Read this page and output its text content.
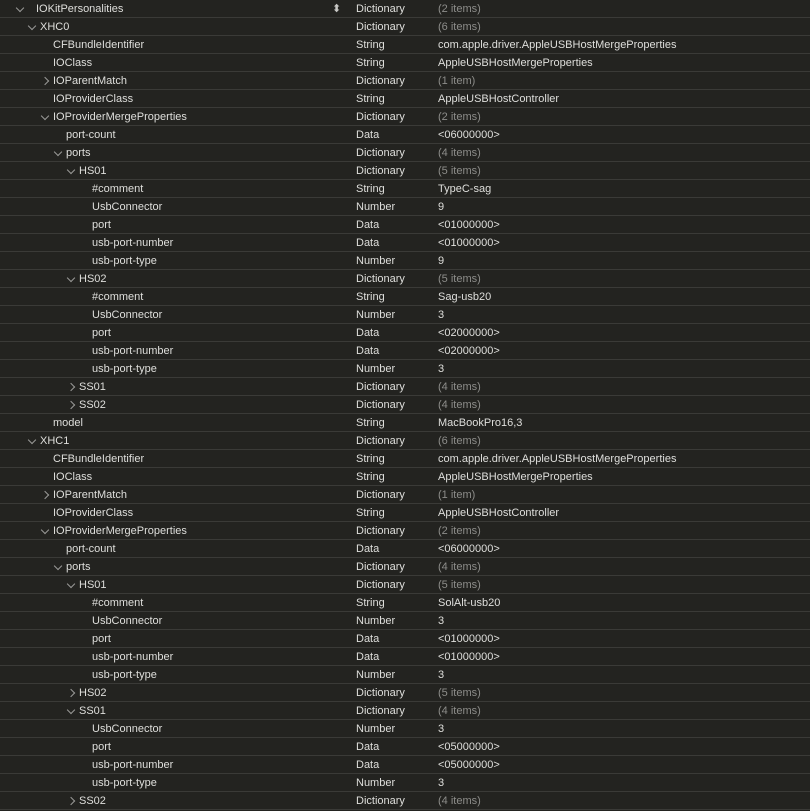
IOKitPersonalities	⬍ Dictionary	(2 items)
XHC0	Dictionary	(6 items)
CFBundleIdentifier	String	com.apple.driver.AppleUSBHostMergeProperties
IOClass	String	AppleUSBHostMergeProperties
IOParentMatch	Dictionary	(1 item)
IOProviderClass	String	AppleUSBHostController
IOProviderMergeProperties	Dictionary	(2 items)
port-count	Data	<06000000>
ports	Dictionary	(4 items)
HS01	Dictionary	(5 items)
#comment	String	TypeC-sag
UsbConnector	Number	9
port	Data	<01000000>
usb-port-number	Data	<01000000>
usb-port-type	Number	9
HS02	Dictionary	(5 items)
#comment	String	Sag-usb20
UsbConnector	Number	3
port	Data	<02000000>
usb-port-number	Data	<02000000>
usb-port-type	Number	3
SS01	Dictionary	(4 items)
SS02	Dictionary	(4 items)
model	String	MacBookPro16,3
XHC1	Dictionary	(6 items)
CFBundleIdentifier	String	com.apple.driver.AppleUSBHostMergeProperties
IOClass	String	AppleUSBHostMergeProperties
IOParentMatch	Dictionary	(1 item)
IOProviderClass	String	AppleUSBHostController
IOProviderMergeProperties	Dictionary	(2 items)
port-count	Data	<06000000>
ports	Dictionary	(4 items)
HS01	Dictionary	(5 items)
#comment	String	SolAlt-usb20
UsbConnector	Number	3
port	Data	<01000000>
usb-port-number	Data	<01000000>
usb-port-type	Number	3
HS02	Dictionary	(5 items)
SS01	Dictionary	(4 items)
UsbConnector	Number	3
port	Data	<05000000>
usb-port-number	Data	<05000000>
usb-port-type	Number	3
SS02	Dictionary	(4 items)
